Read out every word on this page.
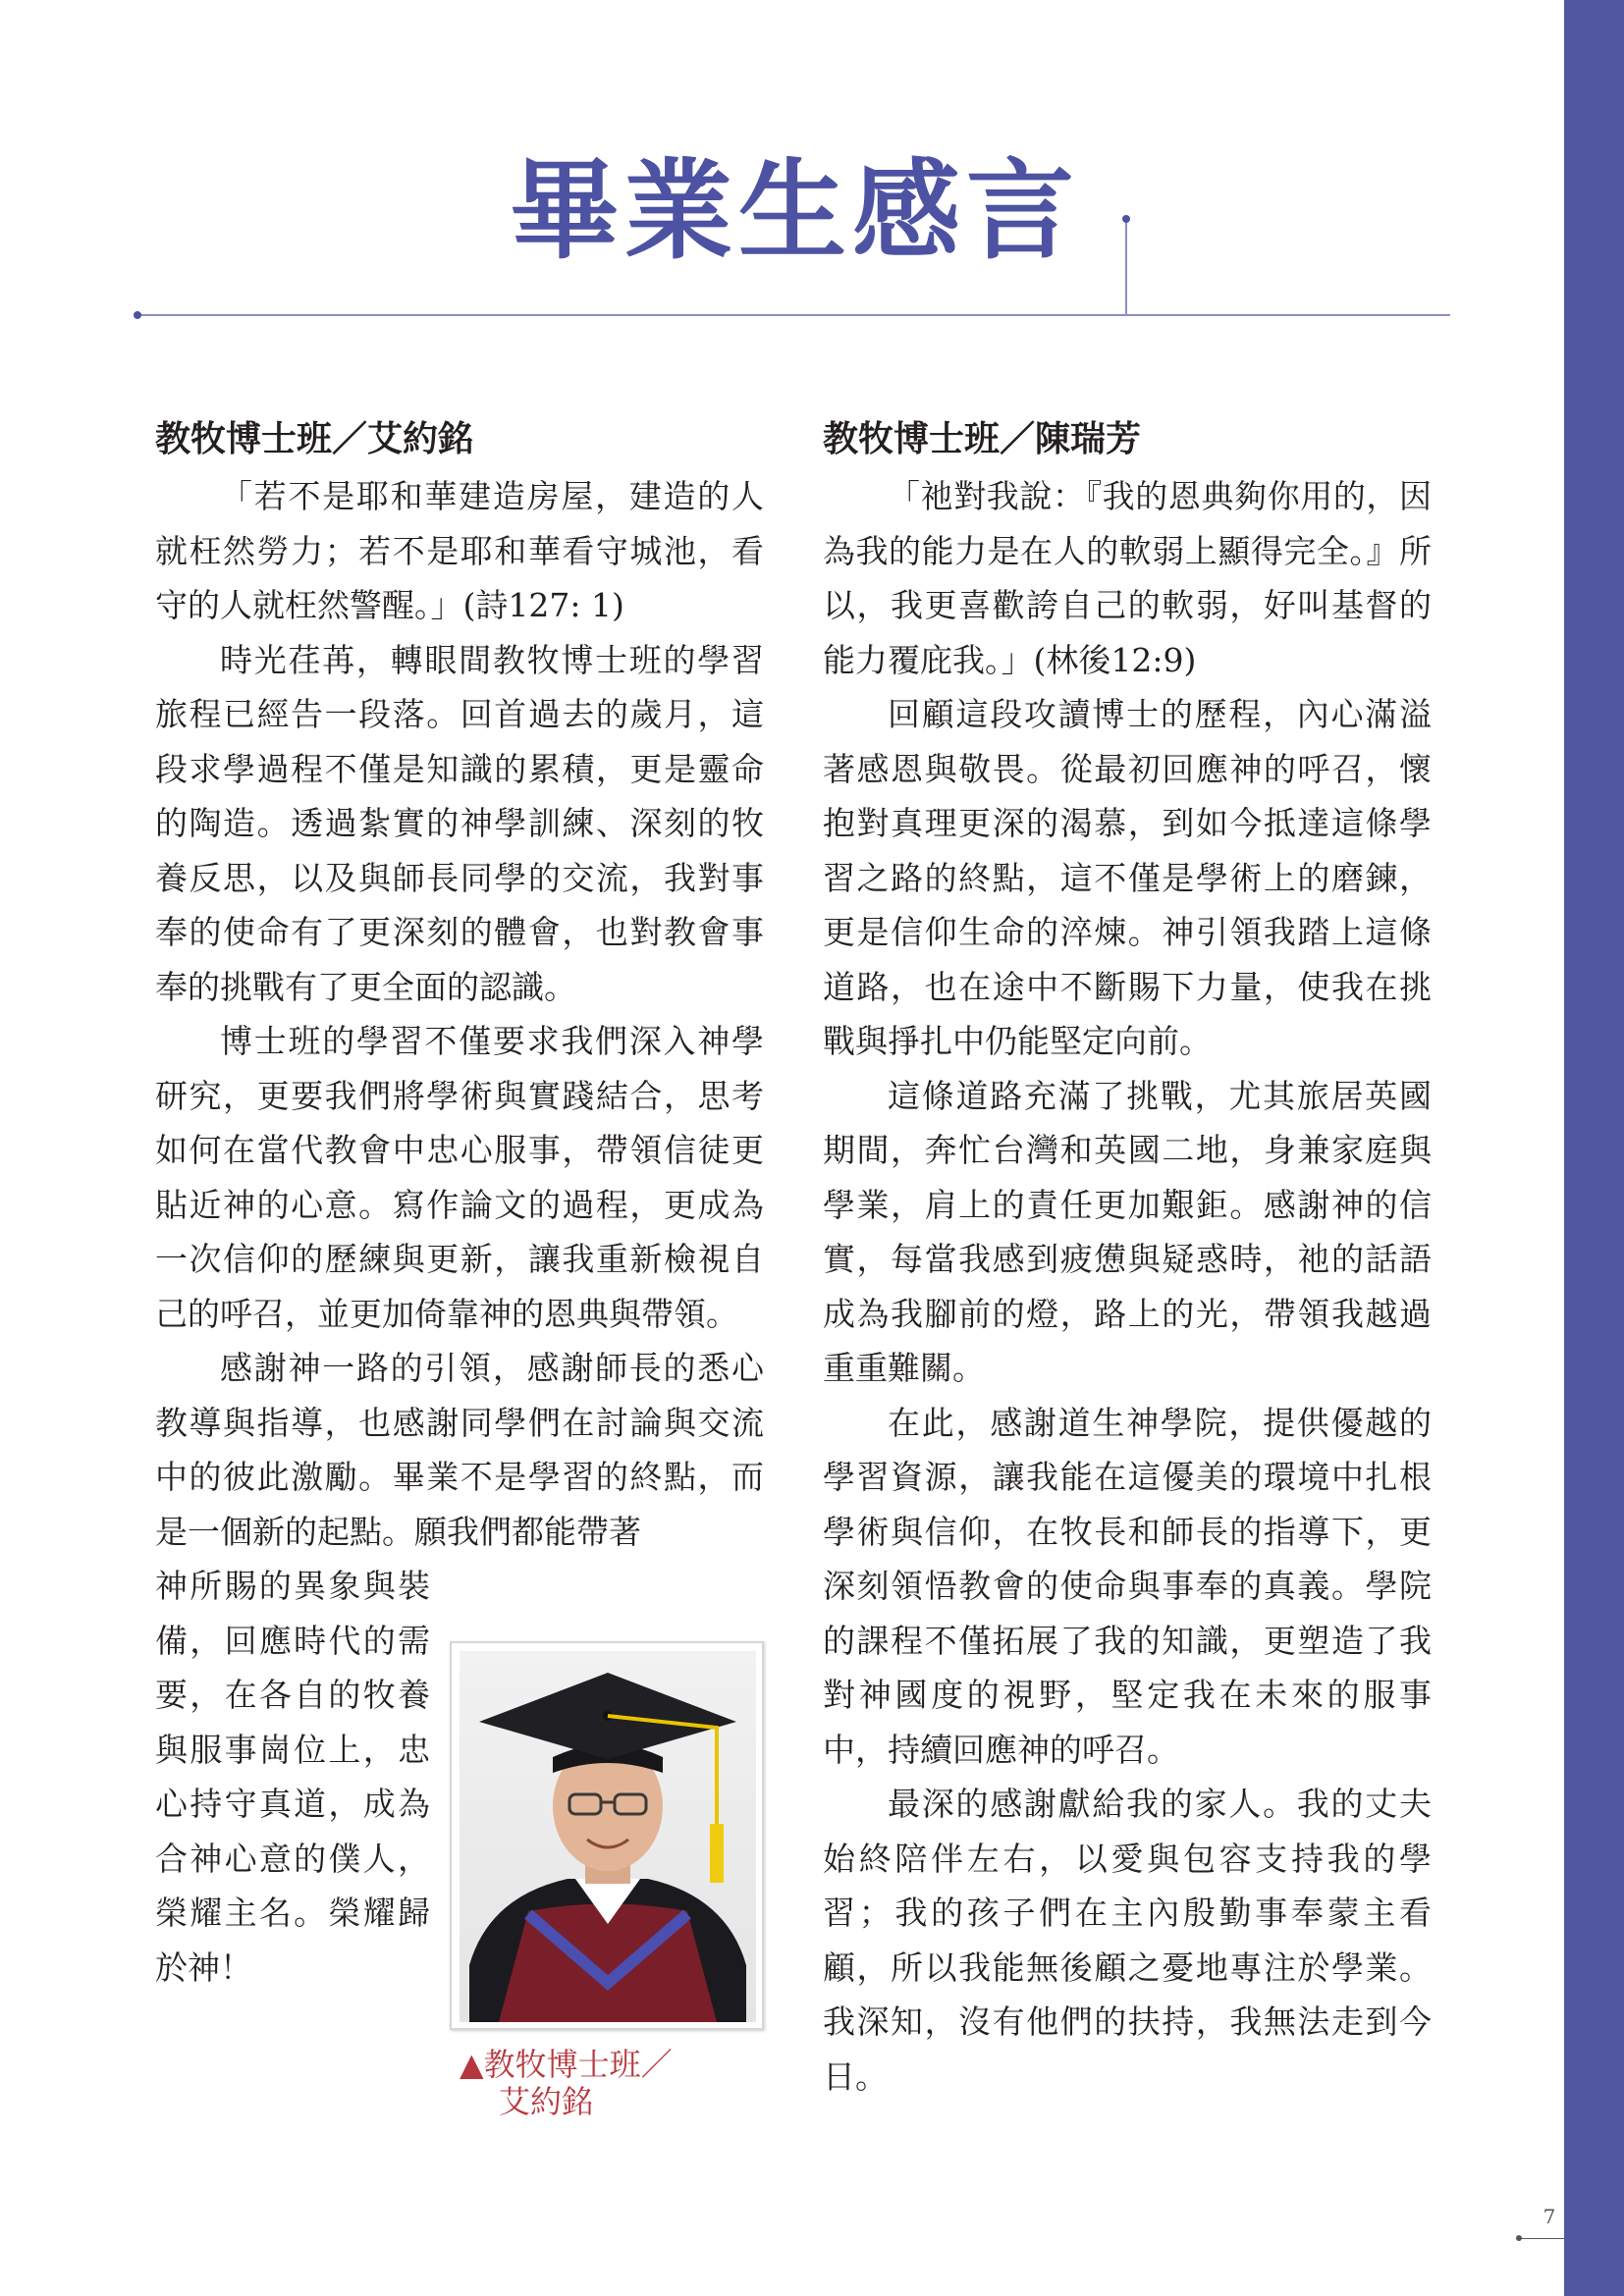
畢業生感言
教牧博士班／艾約銘

「若不是耶和華建造房屋，建造的人就枉然勞力；若不是耶和華看守城池，看守的人就枉然警醒。」(詩127: 1)

時光荏苒，轉眼間教牧博士班的學習旅程已經告一段落。回首過去的歲月，這段求學過程不僅是知識的累積，更是靈命的陶造。透過紮實的神學訓練、深刻的牧養反思，以及與師長同學的交流，我對事奉的使命有了更深刻的體會，也對教會事奉的挑戰有了更全面的認識。

博士班的學習不僅要求我們深入神學研究，更要我們將學術與實踐結合，思考如何在當代教會中忠心服事，帶領信徒更貼近神的心意。寫作論文的過程，更成為一次信仰的歷練與更新，讓我重新檢視自己的呼召，並更加倚靠神的恩典與帶領。

感謝神一路的引領，感謝師長的悉心教導與指導，也感謝同學們在討論與交流中的彼此激勵。畢業不是學習的終點，而是一個新的起點。願我們都能帶著

神所賜的異象與裝備，回應時代的需要，在各自的牧養與服事崗位上，忠心持守真道，成為合神心意的僕人，榮耀主名。榮耀歸於神！

▲教牧博士班／
艾約銘

教牧博士班／陳瑞芳

「祂對我說：『我的恩典夠你用的，因為我的能力是在人的軟弱上顯得完全。』所以，我更喜歡誇自己的軟弱，好叫基督的能力覆庇我。」(林後12:9)

回顧這段攻讀博士的歷程，內心滿溢著感恩與敬畏。從最初回應神的呼召，懷抱對真理更深的渴慕，到如今抵達這條學習之路的終點，這不僅是學術上的磨鍊，更是信仰生命的淬煉。神引領我踏上這條道路，也在途中不斷賜下力量，使我在挑戰與掙扎中仍能堅定向前。

這條道路充滿了挑戰，尤其旅居英國期間，奔忙台灣和英國二地，身兼家庭與學業，肩上的責任更加艱鉅。感謝神的信實，每當我感到疲憊與疑惑時，祂的話語成為我腳前的燈，路上的光，帶領我越過重重難關。

在此，感謝道生神學院，提供優越的學習資源，讓我能在這優美的環境中扎根學術與信仰，在牧長和師長的指導下，更深刻領悟教會的使命與事奉的真義。學院的課程不僅拓展了我的知識，更塑造了我對神國度的視野，堅定我在未來的服事中，持續回應神的呼召。

最深的感謝獻給我的家人。我的丈夫始終陪伴左右，以愛與包容支持我的學習；我的孩子們在主內殷勤事奉蒙主看顧，所以我能無後顧之憂地專注於學業。我深知，沒有他們的扶持，我無法走到今日。

7
